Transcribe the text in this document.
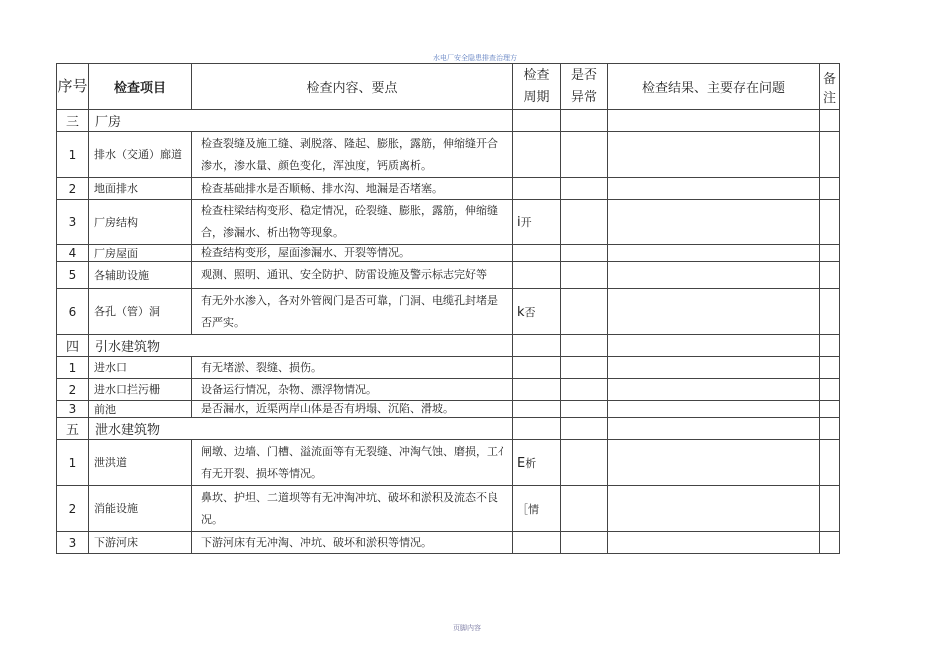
水电厂安全隐患排查治理方
序号	检查项目	检查内容、要点	检查周期	是否异常	检查结果、主要存在问题	备注
三	厂房					
1	排水（交通）廊道	检查裂缝及施工缝、剥脱落、隆起、膨胀，露筋，伸缩缝开合渗水，渗水量、颜色变化，浑浊度，钙质离析。				
2	地面排水	检查基础排水是否顺畅、排水沟、地漏是否堵塞。				
3	厂房结构	检查柱梁结构变形、稳定情况，砼裂缝、膨胀，露筋，伸缩缝合，渗漏水、析出物等现象。	i开			
4	厂房屋面	检查结构变形，屋面渗漏水、开裂等情况。				
5	各辅助设施	观测、照明、通讯、安全防护、防雷设施及警示标志完好等				
6	各孔（管）洞	有无外水渗入，各对外管阀门是否可靠，门洞、电缆孔封堵是否严实。	k否			
四	引水建筑物					
1	进水口	有无堵淤、裂缝、损伤。				
2	进水口拦污栅	设备运行情况，杂物、漂浮物情况。				
3	前池	是否漏水，近渠两岸山体是否有坍塌、沉陷、滑坡。				
五	泄水建筑物					
1	泄洪道	闸墩、边墙、门槽、溢流面等有无裂缝、冲淘气蚀、磨损，工ｲ有无开裂、损坏等情况。	E析			
2	消能设施	鼻坎、护坦、二道坝等有无冲淘冲坑、破坏和淤积及流态不良况。	［情			
3	下游河床	下游河床有无冲淘、冲坑、破坏和淤积等情况。				
页脚内容
